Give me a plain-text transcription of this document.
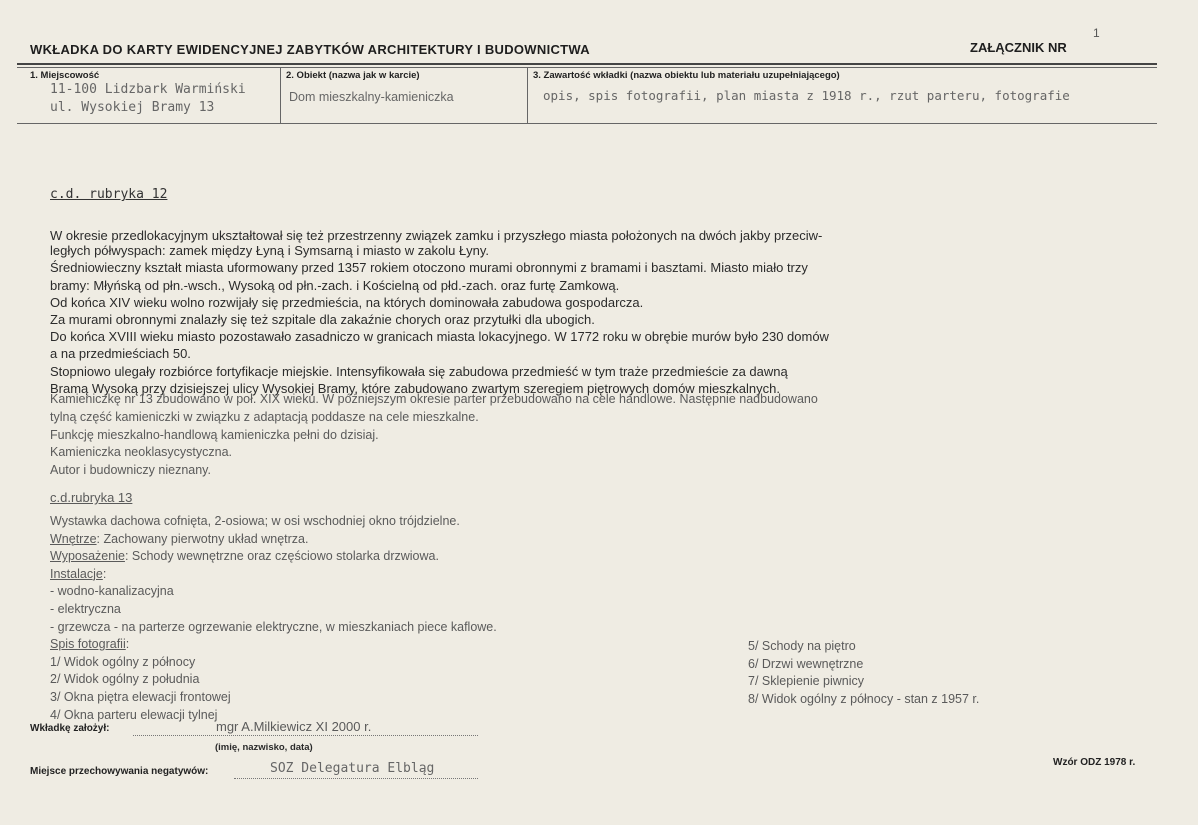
1
WKŁADKA DO KARTY EWIDENCYJNEJ ZABYTKÓW ARCHITEKTURY I BUDOWNICTWA	ZAŁĄCZNIK NR
1. Miejscowość
11-100 Lidzbark Warmiński
ul. Wysokiej Bramy 13
2. Obiekt (nazwa jak w karcie)
Dom mieszkalny-kamieniczka
3. Zawartość wkładki (nazwa obiektu lub materiału uzupełniającego)
opis, spis fotografii, plan miasta z 1918 r., rzut parteru, fotografie
c.d. rubryka 12
W okresie przedlokacyjnym ukształtował się też przestrzenny związek zamku i przyszłego miasta położonych na dwóch jakby przeciw-
ległych półwyspach: zamek między Łyną i Symsarną i miasto w zakolu Łyny.
Średniowieczny kształt miasta uformowany przed 1357 rokiem otoczono murami obronnymi z bramami i basztami. Miasto miało trzy
bramy: Młyńską od płn.-wsch., Wysoką od płn.-zach. i Kościelną od płd.-zach. oraz furtę Zamkową.
Od końca XIV wieku wolno rozwijały się przedmieścia, na których dominowała zabudowa gospodarcza.
Za murami obronnymi znalazły się też szpitale dla zakaźnie chorych oraz przytułki dla ubogich.
Do końca XVIII wieku miasto pozostawało zasadniczo w granicach miasta lokacyjnego. W 1772 roku w obrębie murów było 230 domów
a na przedmieściach 50.
Stopniowo ulegały rozbiórce fortyfikacje miejskie. Intensyfikowała się zabudowa przedmieść w tym traże przedmieście za dawną
Bramą Wysoką przy dzisiejszej ulicy Wysokiej Bramy, które zabudowano zwartym szeregiem piętrowych domów mieszkalnych.
Kamieniczkę nr 13 zbudowano w poł. XIX wieku. W późniejszym okresie parter przebudowano na cele handlowe. Następnie nadbudowano
tylną część kamieniczki w związku z adaptacją poddasze na cele mieszkalne.
Funkcję mieszkalno-handlową kamieniczka pełni do dzisiaj.
Kamieniczka neoklasycystyczna.
Autor i budowniczy nieznany.
c.d.rubryka 13
Wystawka dachowa cofnięta, 2-osiowa; w osi wschodniej okno trójdzielne.
Wnętrze: Zachowany pierwotny układ wnętrza.
Wyposażenie: Schody wewnętrzne oraz częściowo stolarka drzwiowa.
Instalacje:
- wodno-kanalizacyjna
- elektryczna
- grzewcza - na parterze ogrzewanie elektryczne, w mieszkaniach piece kaflowe.
Spis fotografii:
1/ Widok ogólny z północy
2/ Widok ogólny z południa
3/ Okna piętra elewacji frontowej
4/ Okna parteru elewacji tylnej
5/ Schody na piętro
6/ Drzwi wewnętrzne
7/ Sklepienie piwnicy
8/ Widok ogólny z północy - stan z 1957 r.
Wkładkę założył:	mgr A.Milkiewicz XI 2000 r.
(imię, nazwisko, data)
Miejsce przechowywania negatywów:	SOZ Delegatura Elbląg	Wzór ODZ 1978 r.
